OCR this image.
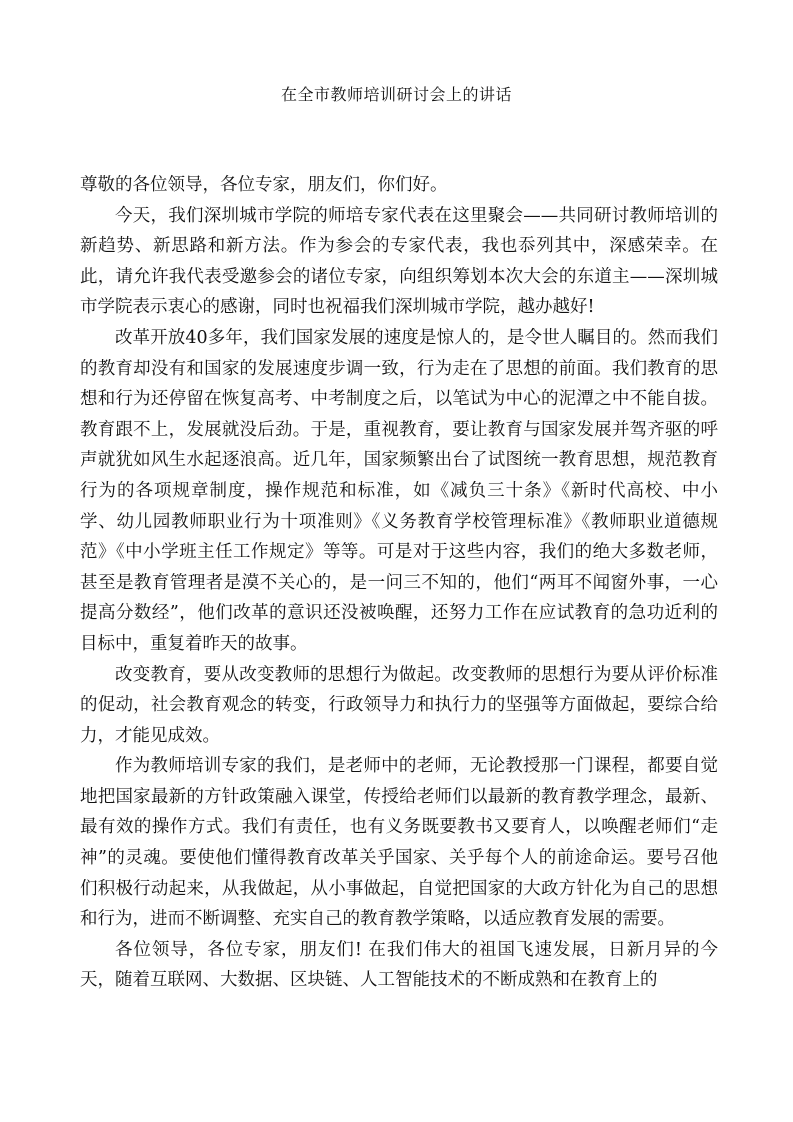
在全市教师培训研讨会上的讲话

尊敬的各位领导，各位专家，朋友们，你们好。

今天，我们深圳城市学院的师培专家代表在这里聚会——共同研讨教师培训的新趋势、新思路和新方法。作为参会的专家代表，我也忝列其中，深感荣幸。在此，请允许我代表受邀参会的诸位专家，向组织筹划本次大会的东道主——深圳城市学院表示衷心的感谢，同时也祝福我们深圳城市学院，越办越好!

改革开放40多年，我们国家发展的速度是惊人的，是令世人瞩目的。然而我们的教育却没有和国家的发展速度步调一致，行为走在了思想的前面。我们教育的思想和行为还停留在恢复高考、中考制度之后，以笔试为中心的泥潭之中不能自拔。教育跟不上，发展就没后劲。于是，重视教育，要让教育与国家发展并驾齐驱的呼声就犹如风生水起逐浪高。近几年，国家频繁出台了试图统一教育思想，规范教育行为的各项规章制度，操作规范和标准，如《减负三十条》《新时代高校、中小学、幼儿园教师职业行为十项准则》《义务教育学校管理标准》《教师职业道德规范》《中小学班主任工作规定》等等。可是对于这些内容，我们的绝大多数老师，甚至是教育管理者是漠不关心的，是一问三不知的，他们“两耳不闻窗外事，一心提高分数经”，他们改革的意识还没被唤醒，还努力工作在应试教育的急功近利的目标中，重复着昨天的故事。

改变教育，要从改变教师的思想行为做起。改变教师的思想行为要从评价标准的促动，社会教育观念的转变，行政领导力和执行力的坚强等方面做起，要综合给力，才能见成效。

作为教师培训专家的我们，是老师中的老师，无论教授那一门课程，都要自觉地把国家最新的方针政策融入课堂，传授给老师们以最新的教育教学理念，最新、最有效的操作方式。我们有责任，也有义务既要教书又要育人，以唤醒老师们“走神”的灵魂。要使他们懂得教育改革关乎国家、关乎每个人的前途命运。要号召他们积极行动起来，从我做起，从小事做起，自觉把国家的大政方针化为自己的思想和行为，进而不断调整、充实自己的教育教学策略，以适应教育发展的需要。

各位领导，各位专家，朋友们! 在我们伟大的祖国飞速发展，日新月异的今天，随着互联网、大数据、区块链、人工智能技术的不断成熟和在教育上的
